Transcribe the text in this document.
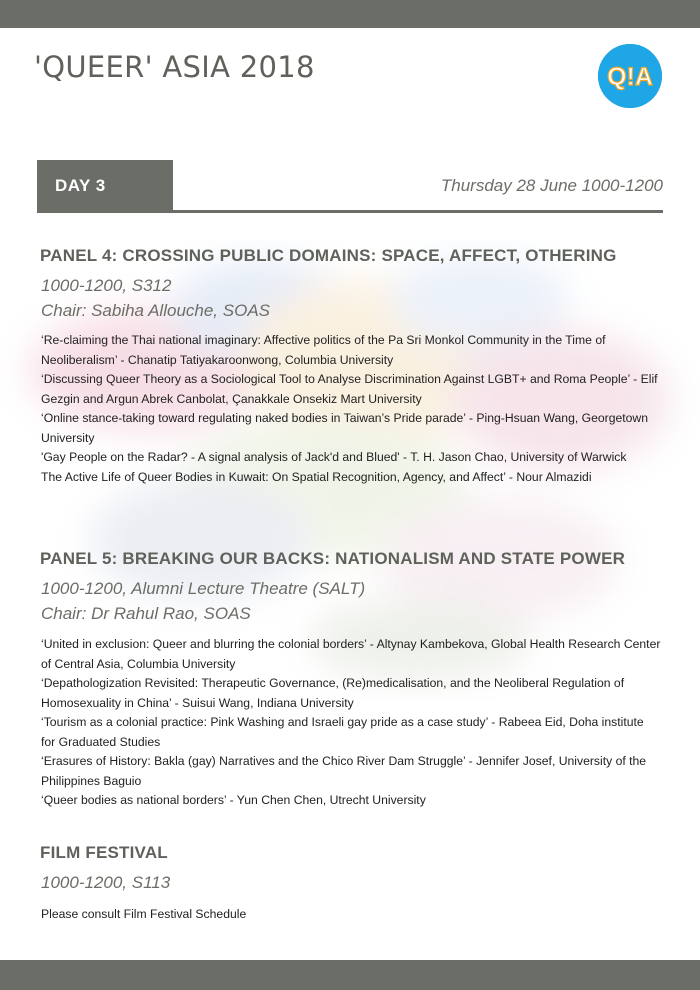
'QUEER' ASIA 2018	Q!A
DAY 3	Thursday 28 June 1000-1200
PANEL 4: CROSSING PUBLIC DOMAINS: SPACE, AFFECT, OTHERING

1000-1200, S312

Chair: Sabiha Allouche, SOAS

‘Re-claiming the Thai national imaginary: Affective politics of the Pa Sri Monkol Community in the Time of Neoliberalism’ - Chanatip Tatiyakaroonwong, Columbia University
‘Discussing Queer Theory as a Sociological Tool to Analyse Discrimination Against LGBT+ and Roma People’ - Elif Gezgin and Argun Abrek Canbolat, Çanakkale Onsekiz Mart University
‘Online stance-taking toward regulating naked bodies in Taiwan’s Pride parade’ - Ping-Hsuan Wang, Georgetown University
'Gay People on the Radar? - A signal analysis of Jack'd and Blued' - T. H. Jason Chao, University of Warwick
The Active Life of Queer Bodies in Kuwait: On Spatial Recognition, Agency, and Affect’ - Nour Almazidi
PANEL 5: BREAKING OUR BACKS: NATIONALISM AND STATE POWER

1000-1200, Alumni Lecture Theatre (SALT)

Chair: Dr Rahul Rao, SOAS

‘United in exclusion: Queer and blurring the colonial borders’ - Altynay Kambekova, Global Health Research Center of Central Asia, Columbia University
‘Depathologization Revisited: Therapeutic Governance, (Re)medicalisation, and the Neoliberal Regulation of Homosexuality in China’ - Suisui Wang, Indiana University
‘Tourism as a colonial practice: Pink Washing and Israeli gay pride as a case study’ - Rabeea Eid, Doha institute for Graduated Studies
‘Erasures of History: Bakla (gay) Narratives and the Chico River Dam Struggle’ - Jennifer Josef, University of the Philippines Baguio
‘Queer bodies as national borders’ - Yun Chen Chen, Utrecht University
FILM FESTIVAL

1000-1200, S113

Please consult Film Festival Schedule
